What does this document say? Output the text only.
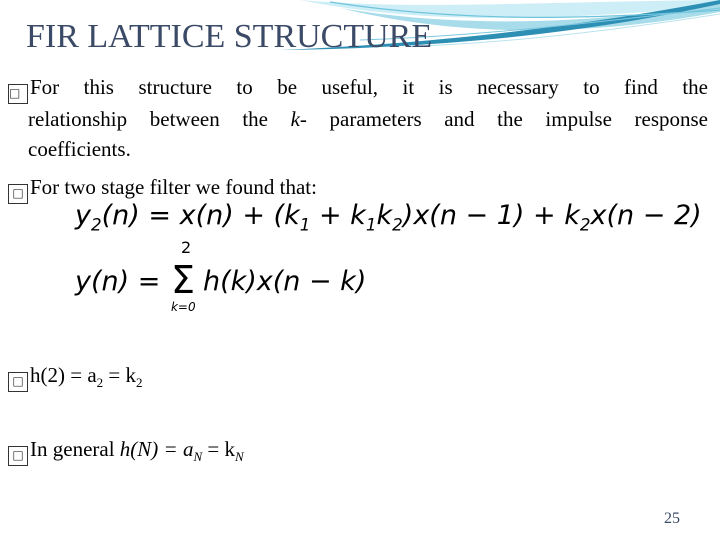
FIR LATTICE STRUCTURE
□ For this structure to be useful, it is necessary to find the
relationship between the k- parameters and the impulse response
coefficients.
□ For two stage filter we found that:
$y_2(n) = x(n) + (k_1 + k_1k_2)x(n - 1) + k_2x(n - 2)$
y(n) =
2
Σ
k=0
h(k)x(n − k)
□ $h(2) = a_2 = k_2$
□ In general $h(N) = a_N = k_N$
25
